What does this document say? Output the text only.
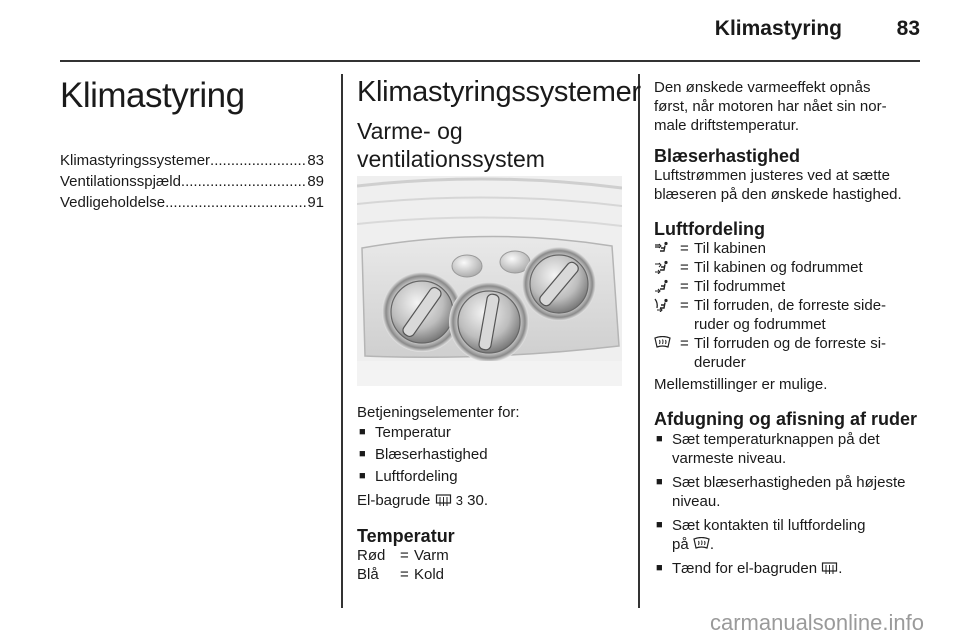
Klimastyring	83
Klimastyring
Klimastyringssystemer .....	83
Ventilationsspjæld .....	89
Vedligeholdelse .....	91
Klimastyringssystemer
Varme- og
ventilationssystem
Betjeningselementer for:
■ Temperatur
■ Blæserhastighed
■ Luftfordeling
El-bagrude 3 30.
Temperatur
Rød = Varm
Blå	= Kold
Den ønskede varmeeffekt opnås
først, når motoren har nået sin nor-
male driftstemperatur.
Blæserhastighed
Luftstrømmen justeres ved at sætte
blæseren på den ønskede hastighed.
Luftfordeling
= Til kabinen
= Til kabinen og fodrummet
= Til fodrummet
= Til forruden, de forreste side-
ruder og fodrummet
= Til forruden og de forreste si-
deruder
Mellemstillinger er mulige.
Afdugning og afisning af ruder
■ Sæt temperaturknappen på det
varmeste niveau.
■ Sæt blæserhastigheden på højeste
niveau.
■ Sæt kontakten til luftfordeling
på .
■ Tænd for el-bagruden .
carmanualsonline.info
